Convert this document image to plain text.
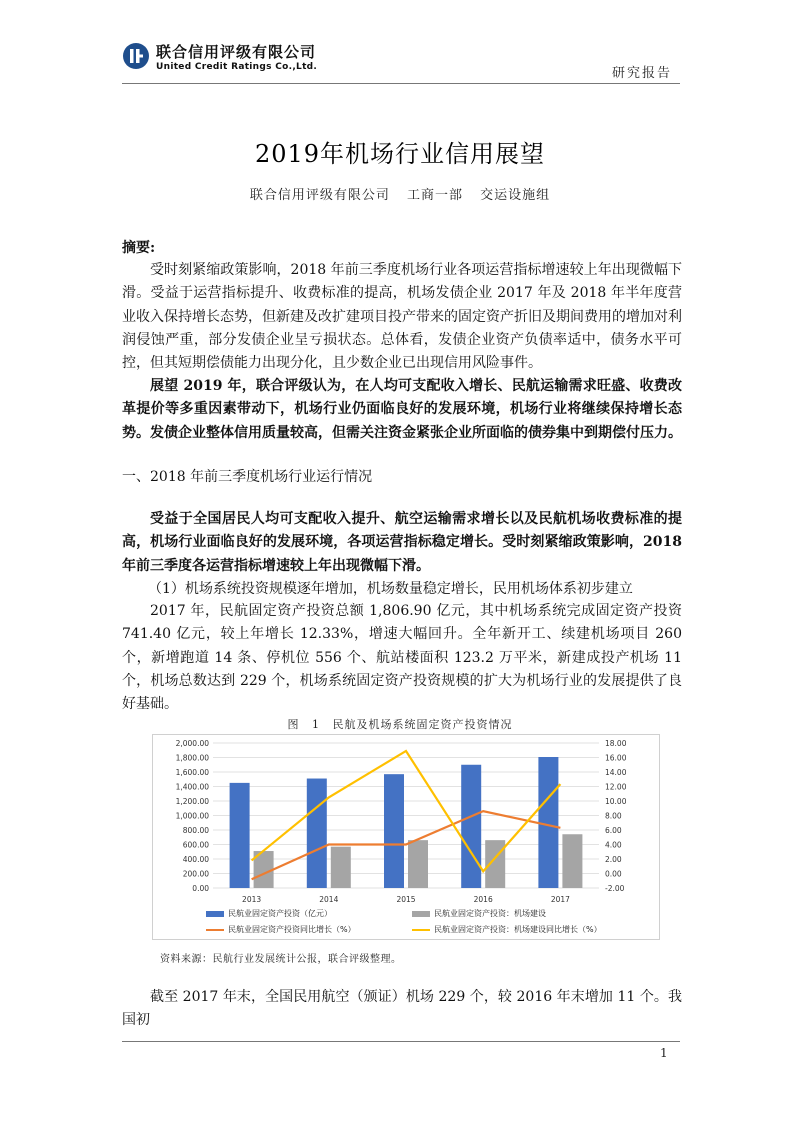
联合信用评级有限公司
United Credit Ratings Co.,Ltd.	研究报告
2019年机场行业信用展望
联合信用评级有限公司 工商一部 交运设施组
摘要:
受时刻紧缩政策影响，2018 年前三季度机场行业各项运营指标增速较上年出现微幅下滑。受益于运营指标提升、收费标准的提高，机场发债企业 2017 年及 2018 年半年度营业收入保持增长态势，但新建及改扩建项目投产带来的固定资产折旧及期间费用的增加对利润侵蚀严重，部分发债企业呈亏损状态。总体看，发债企业资产负债率适中，债务水平可控，但其短期偿债能力出现分化，且少数企业已出现信用风险事件。
展望 2019 年，联合评级认为，在人均可支配收入增长、民航运输需求旺盛、收费改革提价等多重因素带动下，机场行业仍面临良好的发展环境，机场行业将继续保持增长态势。发债企业整体信用质量较高，但需关注资金紧张企业所面临的债券集中到期偿付压力。
一、2018 年前三季度机场行业运行情况
受益于全国居民人均可支配收入提升、航空运输需求增长以及民航机场收费标准的提高，机场行业面临良好的发展环境，各项运营指标稳定增长。受时刻紧缩政策影响，2018 年前三季度各运营指标增速较上年出现微幅下滑。
（1）机场系统投资规模逐年增加，机场数量稳定增长，民用机场体系初步建立
2017 年，民航固定资产投资总额 1,806.90 亿元，其中机场系统完成固定资产投资 741.40 亿元，较上年增长 12.33%，增速大幅回升。全年新开工、续建机场项目 260 个，新增跑道 14 条、停机位 556 个、航站楼面积 123.2 万平米，新建成投产机场 11 个，机场总数达到 229 个，机场系统固定资产投资规模的扩大为机场行业的发展提供了良好基础。
图 1 民航及机场系统固定资产投资情况
0.00
200.00
400.00
600.00
800.00
1,000.00
1,200.00
1,400.00
1,600.00
1,800.00
2,000.00
-2.00
0.00
2.00
4.00
6.00
8.00
10.00
12.00
14.00
16.00
18.00
2013	2014	2015	2016	2017
民航业固定资产投资（亿元）	民航业固定资产投资：机场建设
民航业固定资产投资同比增长（%）	民航业固定资产投资：机场建设同比增长（%）
资料来源：民航行业发展统计公报，联合评级整理。
截至 2017 年末，全国民用航空（颁证）机场 229 个，较 2016 年末增加 11 个。我国初
1
